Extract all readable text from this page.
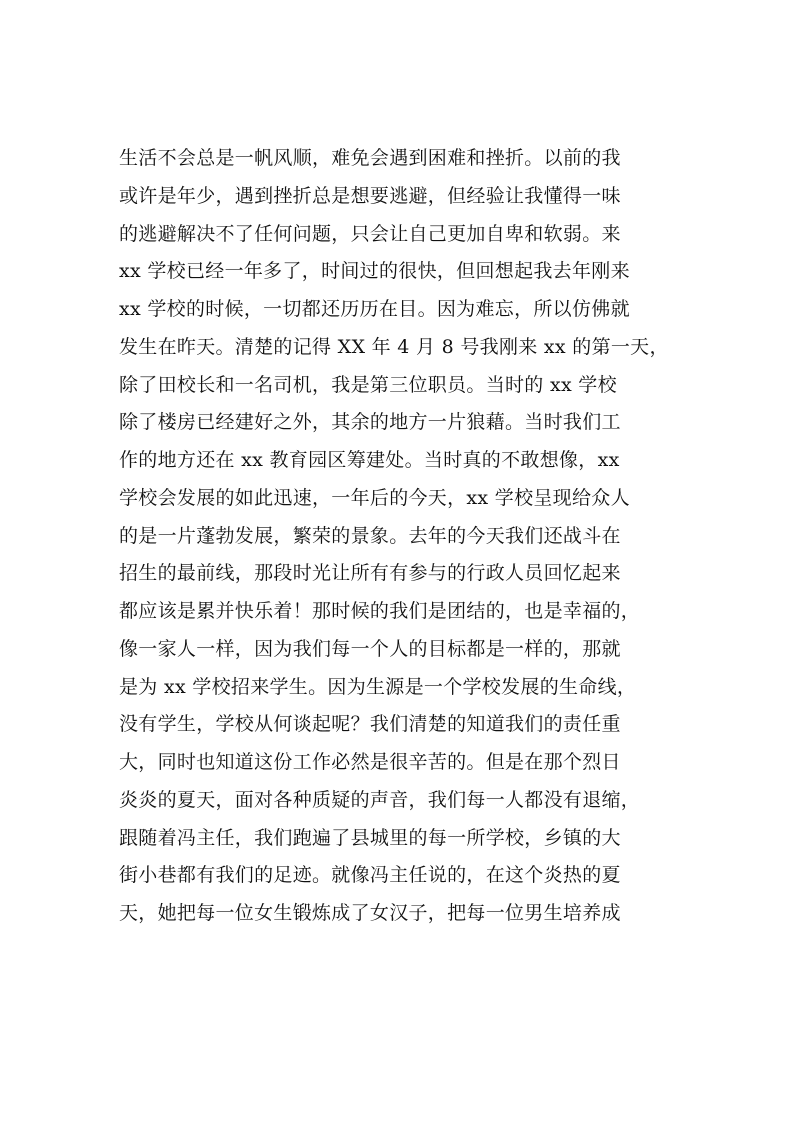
生活不会总是一帆风顺，难免会遇到困难和挫折。以前的我
或许是年少，遇到挫折总是想要逃避，但经验让我懂得一味
的逃避解决不了任何问题，只会让自己更加自卑和软弱。来
xx 学校已经一年多了，时间过的很快，但回想起我去年刚来
xx 学校的时候，一切都还历历在目。因为难忘，所以仿佛就
发生在昨天。清楚的记得 XX 年 4 月 8 号我刚来 xx 的第一天，
除了田校长和一名司机，我是第三位职员。当时的 xx 学校
除了楼房已经建好之外，其余的地方一片狼藉。当时我们工
作的地方还在 xx 教育园区筹建处。当时真的不敢想像，xx
学校会发展的如此迅速，一年后的今天，xx 学校呈现给众人
的是一片蓬勃发展，繁荣的景象。去年的今天我们还战斗在
招生的最前线，那段时光让所有有参与的行政人员回忆起来
都应该是累并快乐着！那时候的我们是团结的，也是幸福的，
像一家人一样，因为我们每一个人的目标都是一样的，那就
是为 xx 学校招来学生。因为生源是一个学校发展的生命线，
没有学生，学校从何谈起呢？我们清楚的知道我们的责任重
大，同时也知道这份工作必然是很辛苦的。但是在那个烈日
炎炎的夏天，面对各种质疑的声音，我们每一人都没有退缩，
跟随着冯主任，我们跑遍了县城里的每一所学校，乡镇的大
街小巷都有我们的足迹。就像冯主任说的，在这个炎热的夏
天，她把每一位女生锻炼成了女汉子，把每一位男生培养成
